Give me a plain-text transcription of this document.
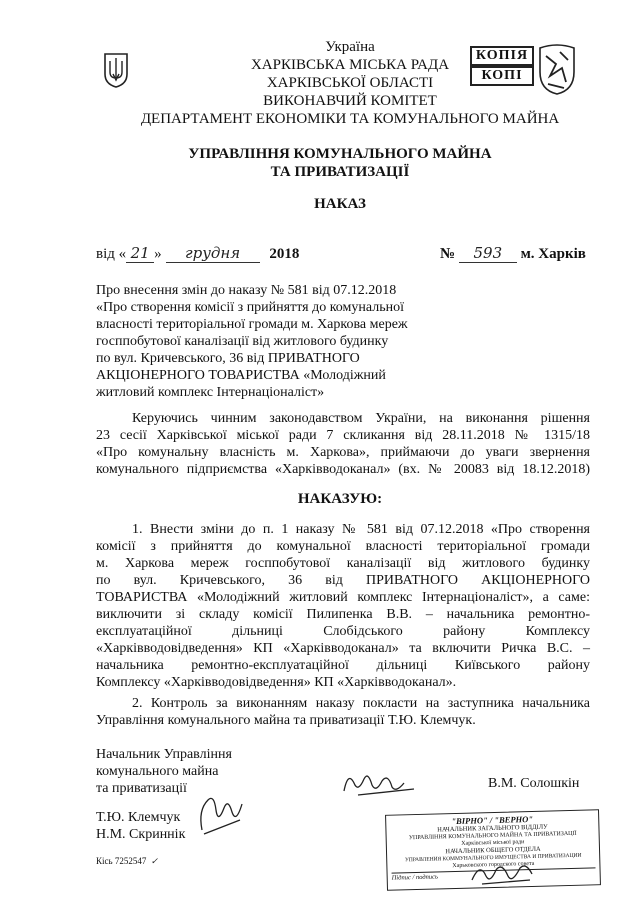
Україна
ХАРКІВСЬКА МІСЬКА РАДА
ХАРКІВСЬКОЇ ОБЛАСТІ
ВИКОНАВЧИЙ КОМІТЕТ
ДЕПАРТАМЕНТ ЕКОНОМІКИ ТА КОМУНАЛЬНОГО МАЙНА
КОПІЯ
КОПІ
УПРАВЛІННЯ КОМУНАЛЬНОГО МАЙНА
ТА ПРИВАТИЗАЦІЇ
НАКАЗ
від « 21 » грудня 2018	№ 593 м. Харків
Про внесення змін до наказу № 581 від 07.12.2018
«Про створення комісії з прийняття до комунальної
власності територіальної громади м. Харкова мереж
госппобутової каналізації від житлового будинку
по вул. Кричевського, 36 від ПРИВАТНОГО
АКЦІОНЕРНОГО ТОВАРИСТВА «Молодіжний
житловий комплекс Інтернаціоналіст»
Керуючись чинним законодавством України, на виконання рішення
23 сесії Харківської міської ради 7 скликання від 28.11.2018 № 1315/18
«Про комунальну власність м. Харкова», приймаючи до уваги звернення
комунального підприємства «Харківводоканал» (вх. № 20083 від 18.12.2018)
НАКАЗУЮ:
1. Внести зміни до п. 1 наказу № 581 від 07.12.2018 «Про створення
комісії з прийняття до комунальної власності територіальної громади
м. Харкова мереж госппобутової каналізації від житлового будинку
по вул. Кричевського, 36 від ПРИВАТНОГО АКЦІОНЕРНОГО
ТОВАРИСТВА «Молодіжний житловий комплекс Інтернаціоналіст», а саме:
виключити зі складу комісії Пилипенка В.В. – начальника ремонтно-
експлуатаційної дільниці Слобідського району Комплексу
«Харківводовідведення» КП «Харківводоканал» та включити Ричка В.С. –
начальника ремонтно-експлуатаційної дільниці Київського району
Комплексу «Харківводовідведення» КП «Харківводоканал».
2. Контроль за виконанням наказу покласти на заступника начальника
Управління комунального майна та приватизації Т.Ю. Клемчук.
Начальник Управління
комунального майна
та приватизації	В.М. Солошкін
Т.Ю. Клемчук
Н.М. Скриннік
Кісь 7252547 ✓
"ВІРНО" / "ВЕРНО"
НАЧАЛЬНИК ЗАГАЛЬНОГО ВІДДІЛУ
УПРАВЛІННЯ КОМУНАЛЬНОГО МАЙНА ТА ПРИВАТИЗАЦІЇ
Харківської міської ради
НАЧАЛЬНИК ОБЩЕГО ОТДЕЛА
УПРАВЛЕНИЯ КОММУНАЛЬНОГО ИМУЩЕСТВА И ПРИВАТИЗАЦИИ
Харьковского городского совета
Підпис / подпись
